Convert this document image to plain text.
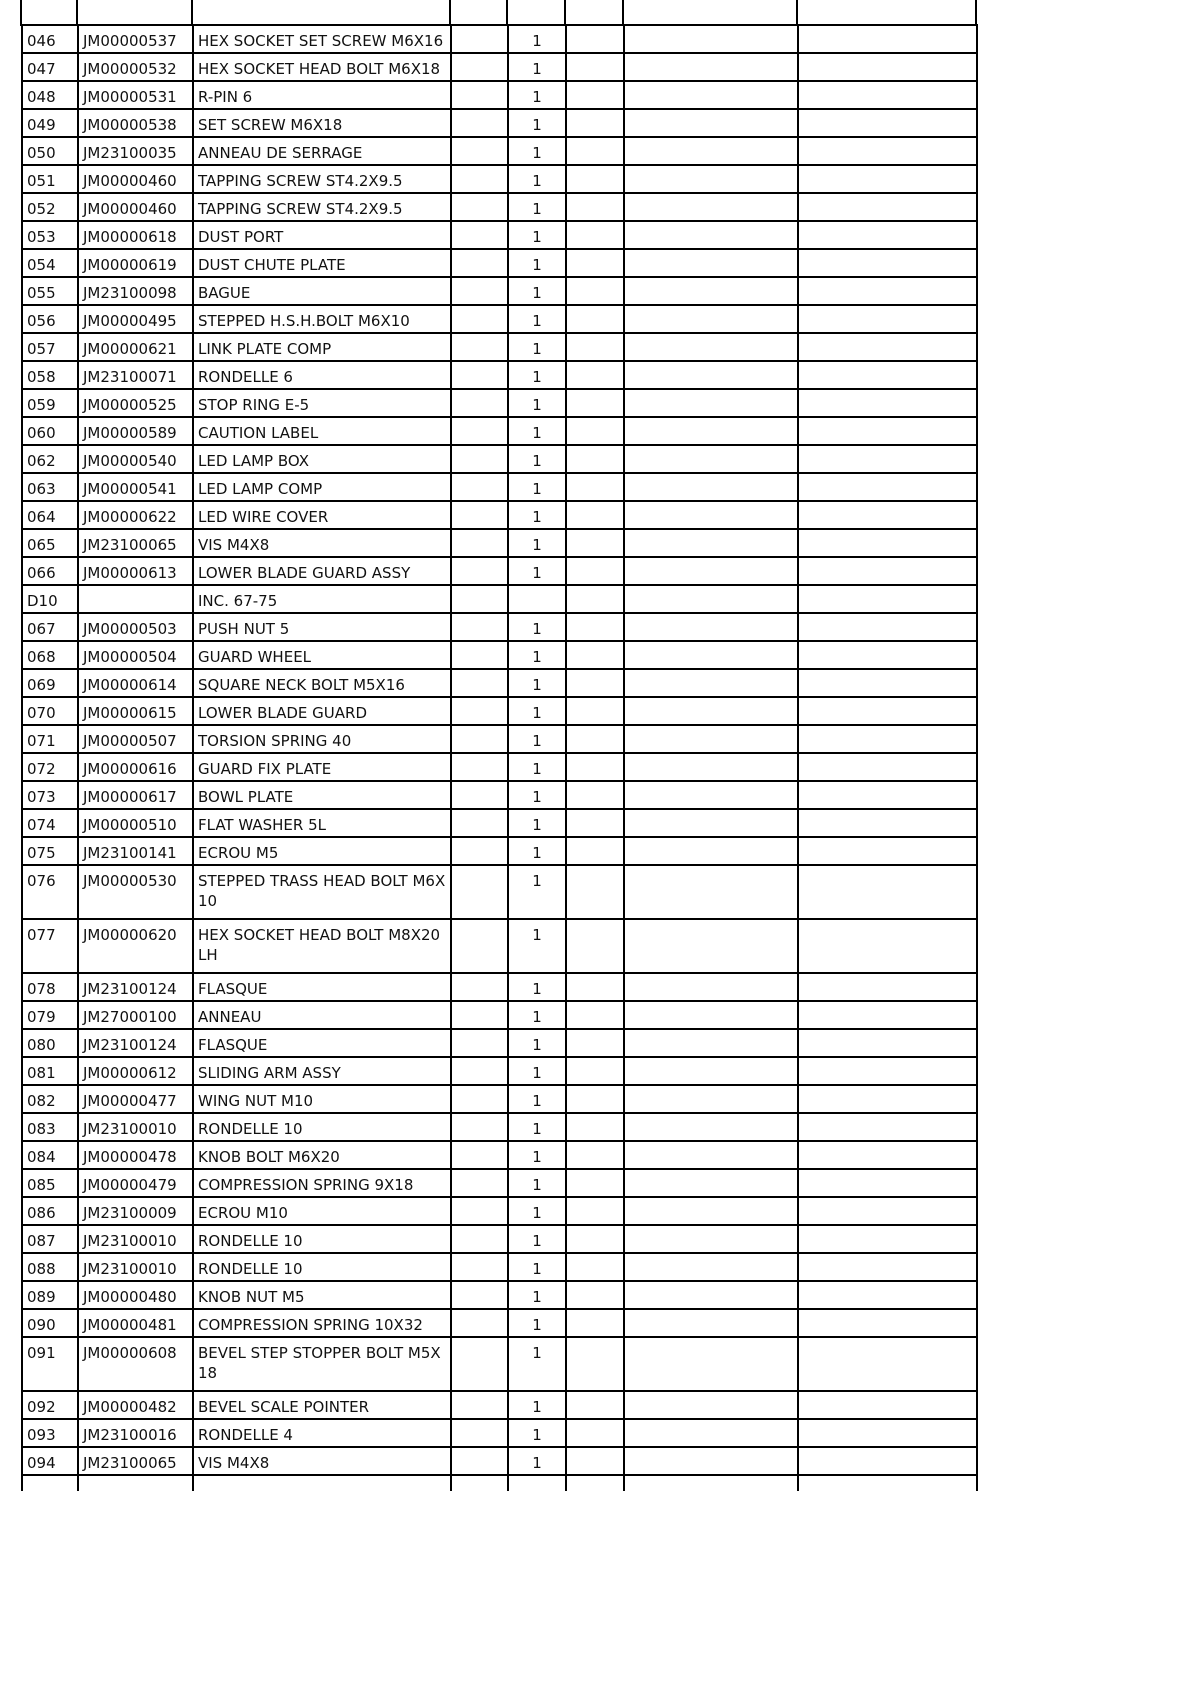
046	JM00000537	HEX SOCKET SET SCREW M6X16		1			

047	JM00000532	HEX SOCKET HEAD BOLT M6X18		1			

048	JM00000531	R-PIN 6		1			

049	JM00000538	SET SCREW M6X18		1			

050	JM23100035	ANNEAU DE SERRAGE		1			

051	JM00000460	TAPPING SCREW ST4.2X9.5		1			

052	JM00000460	TAPPING SCREW ST4.2X9.5		1			

053	JM00000618	DUST PORT		1			

054	JM00000619	DUST CHUTE PLATE		1			

055	JM23100098	BAGUE		1			

056	JM00000495	STEPPED H.S.H.BOLT M6X10		1			

057	JM00000621	LINK PLATE COMP		1			

058	JM23100071	RONDELLE 6		1			

059	JM00000525	STOP RING E-5		1			

060	JM00000589	CAUTION LABEL		1			

062	JM00000540	LED LAMP BOX		1			

063	JM00000541	LED LAMP COMP		1			

064	JM00000622	LED WIRE COVER		1			

065	JM23100065	VIS M4X8		1			

066	JM00000613	LOWER BLADE GUARD ASSY		1			

D10		INC. 67-75					

067	JM00000503	PUSH NUT 5		1			

068	JM00000504	GUARD WHEEL		1			

069	JM00000614	SQUARE NECK BOLT M5X16		1			

070	JM00000615	LOWER BLADE GUARD		1			

071	JM00000507	TORSION SPRING 40		1			

072	JM00000616	GUARD FIX PLATE		1			

073	JM00000617	BOWL PLATE		1			

074	JM00000510	FLAT WASHER 5L		1			

075	JM23100141	ECROU M5		1			

076	JM00000530	STEPPED TRASS HEAD BOLT M6X 10		1			

077	JM00000620	HEX SOCKET HEAD BOLT M8X20 LH		1			

078	JM23100124	FLASQUE		1			

079	JM27000100	ANNEAU		1			

080	JM23100124	FLASQUE		1			

081	JM00000612	SLIDING ARM ASSY		1			

082	JM00000477	WING NUT M10		1			

083	JM23100010	RONDELLE 10		1			

084	JM00000478	KNOB BOLT M6X20		1			

085	JM00000479	COMPRESSION SPRING 9X18		1			

086	JM23100009	ECROU M10		1			

087	JM23100010	RONDELLE 10		1			

088	JM23100010	RONDELLE 10		1			

089	JM00000480	KNOB NUT M5		1			

090	JM00000481	COMPRESSION SPRING 10X32		1			

091	JM00000608	BEVEL STEP STOPPER BOLT M5X 18		1			

092	JM00000482	BEVEL SCALE POINTER		1			

093	JM23100016	RONDELLE 4		1			

094	JM23100065	VIS M4X8		1			
